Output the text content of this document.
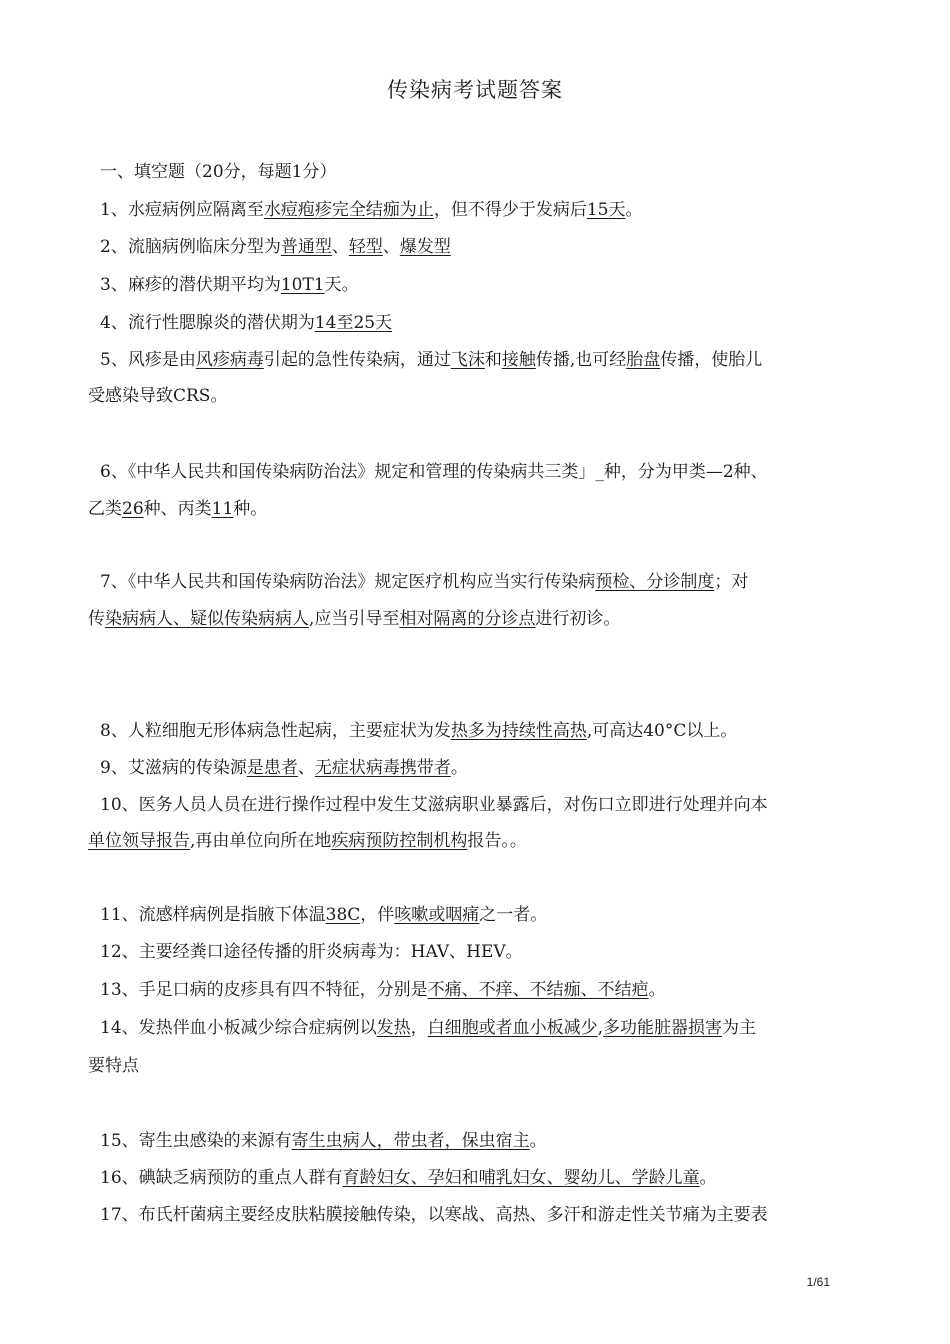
传染病考试题答案
一、填空题（20分，每题1分）
1、水痘病例应隔离至水痘疱疹完全结痂为止，但不得少于发病后15天。
2、流脑病例临床分型为普通型、轻型、爆发型
3、麻疹的潜伏期平均为10T1天。
4、流行性腮腺炎的潜伏期为14至25天
5、风疹是由风疹病毒引起的急性传染病，通过飞沫和接触传播,也可经胎盘传播，使胎儿
受感染导致CRS。
6、《中华人民共和国传染病防治法》规定和管理的传染病共三类」_种，分为甲类—2种、
乙类26种、丙类11种。
7、《中华人民共和国传染病防治法》规定医疗机构应当实行传染病预检、分诊制度；对
传染病病人、疑似传染病病人,应当引导至相对隔离的分诊点进行初诊。
8、人粒细胞无形体病急性起病，主要症状为发热多为持续性高热,可高达40°C以上。
9、艾滋病的传染源是患者、无症状病毒携带者。
10、医务人员人员在进行操作过程中发生艾滋病职业暴露后，对伤口立即进行处理并向本
单位领导报告,再由单位向所在地疾病预防控制机构报告。。
11、流感样病例是指腋下体温38C，伴咳嗽或咽痛之一者。
12、主要经粪口途径传播的肝炎病毒为：HAV、HEV。
13、手足口病的皮疹具有四不特征，分别是不痛、不痒、不结痂、不结疤。
14、发热伴血小板减少综合症病例以发热，白细胞或者血小板减少,多功能脏器损害为主
要特点
15、寄生虫感染的来源有寄生虫病人，带虫者，保虫宿主。
16、碘缺乏病预防的重点人群有育龄妇女、孕妇和哺乳妇女、婴幼儿、学龄儿童。
17、布氏杆菌病主要经皮肤粘膜接触传染，以寒战、高热、多汗和游走性关节痛为主要表
1/61
